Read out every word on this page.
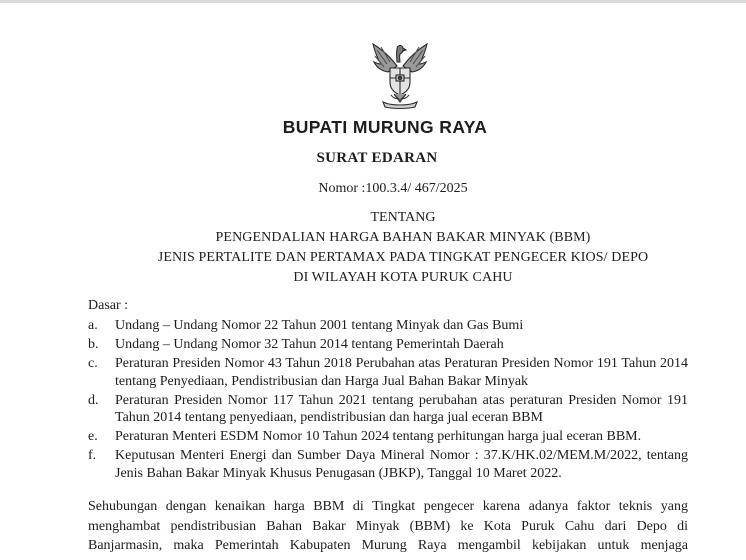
BUPATI MURUNG RAYA
SURAT EDARAN
Nomor :100.3.4/ 467/2025
TENTANG
PENGENDALIAN HARGA BAHAN BAKAR MINYAK (BBM)
JENIS PERTALITE DAN PERTAMAX PADA TINGKAT PENGECER KIOS/ DEPO
DI WILAYAH KOTA PURUK CAHU
Dasar :
a. Undang – Undang Nomor 22 Tahun 2001 tentang Minyak dan Gas Bumi
b. Undang – Undang Nomor 32 Tahun 2014 tentang Pemerintah Daerah
c. Peraturan Presiden Nomor 43 Tahun 2018 Perubahan atas Peraturan Presiden Nomor 191 Tahun 2014 tentang Penyediaan, Pendistribusian dan Harga Jual Bahan Bakar Minyak
d. Peraturan Presiden Nomor 117 Tahun 2021 tentang perubahan atas peraturan Presiden Nomor 191 Tahun 2014 tentang penyediaan, pendistribusian dan harga jual eceran BBM
e. Peraturan Menteri ESDM Nomor 10 Tahun 2024 tentang perhitungan harga jual eceran BBM.
f. Keputusan Menteri Energi dan Sumber Daya Mineral Nomor : 37.K/HK.02/MEM.M/2022, tentang Jenis Bahan Bakar Minyak Khusus Penugasan (JBKP), Tanggal 10 Maret 2022.
Sehubungan dengan kenaikan harga BBM di Tingkat pengecer karena adanya faktor teknis yang
menghambat pendistribusian Bahan Bakar Minyak (BBM) ke Kota Puruk Cahu dari Depo di
Banjarmasin, maka Pemerintah Kabupaten Murung Raya mengambil kebijakan untuk menjaga
